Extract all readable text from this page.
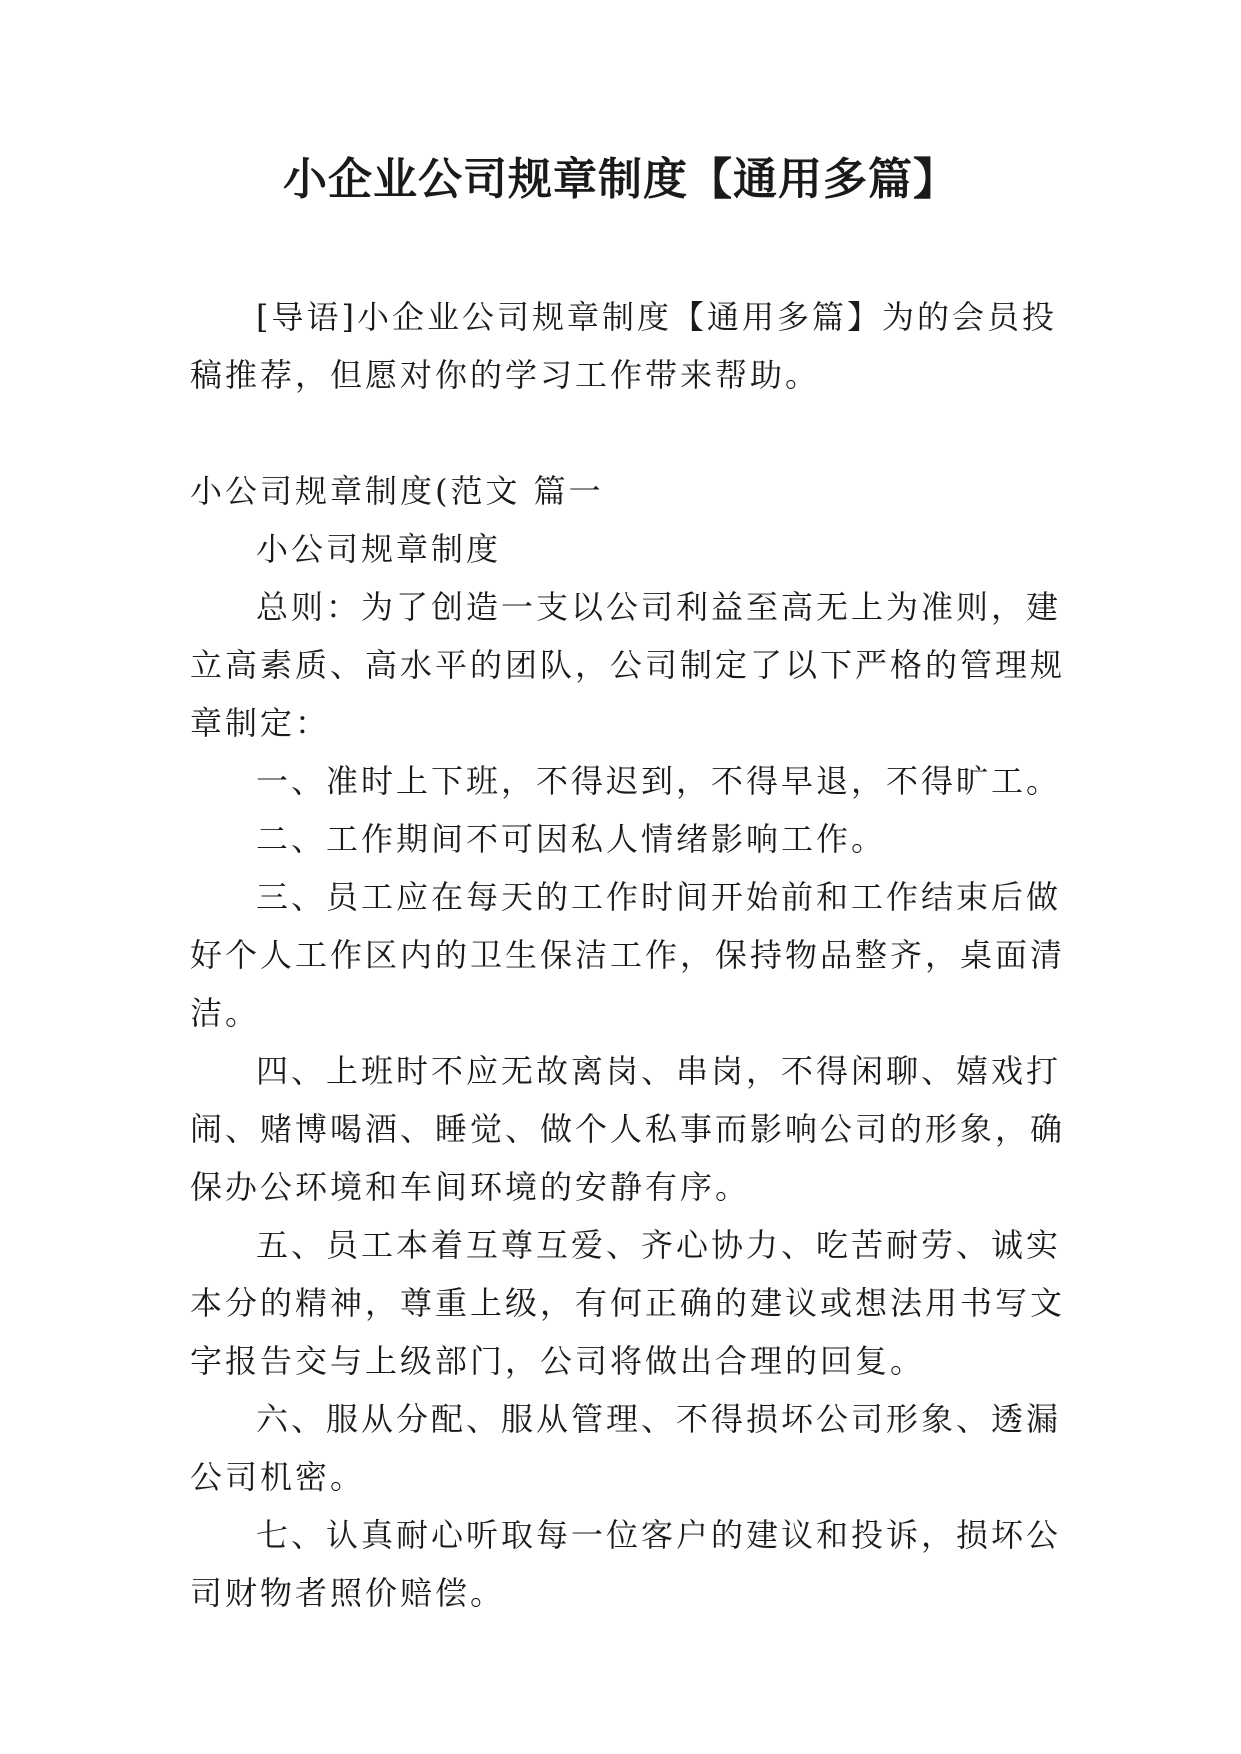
小企业公司规章制度【通用多篇】

[导语]小企业公司规章制度【通用多篇】为的会员投稿推荐，但愿对你的学习工作带来帮助。

小公司规章制度(范文 篇一

小公司规章制度

总则：为了创造一支以公司利益至高无上为准则，建立高素质、高水平的团队，公司制定了以下严格的管理规章制定：

一、准时上下班，不得迟到，不得早退，不得旷工。

二、工作期间不可因私人情绪影响工作。

三、员工应在每天的工作时间开始前和工作结束后做好个人工作区内的卫生保洁工作，保持物品整齐，桌面清洁。

四、上班时不应无故离岗、串岗，不得闲聊、嬉戏打闹、赌博喝酒、睡觉、做个人私事而影响公司的形象，确保办公环境和车间环境的安静有序。

五、员工本着互尊互爱、齐心协力、吃苦耐劳、诚实本分的精神，尊重上级，有何正确的建议或想法用书写文字报告交与上级部门，公司将做出合理的回复。

六、服从分配、服从管理、不得损坏公司形象、透漏公司机密。

七、认真耐心听取每一位客户的建议和投诉，损坏公司财物者照价赔偿。
